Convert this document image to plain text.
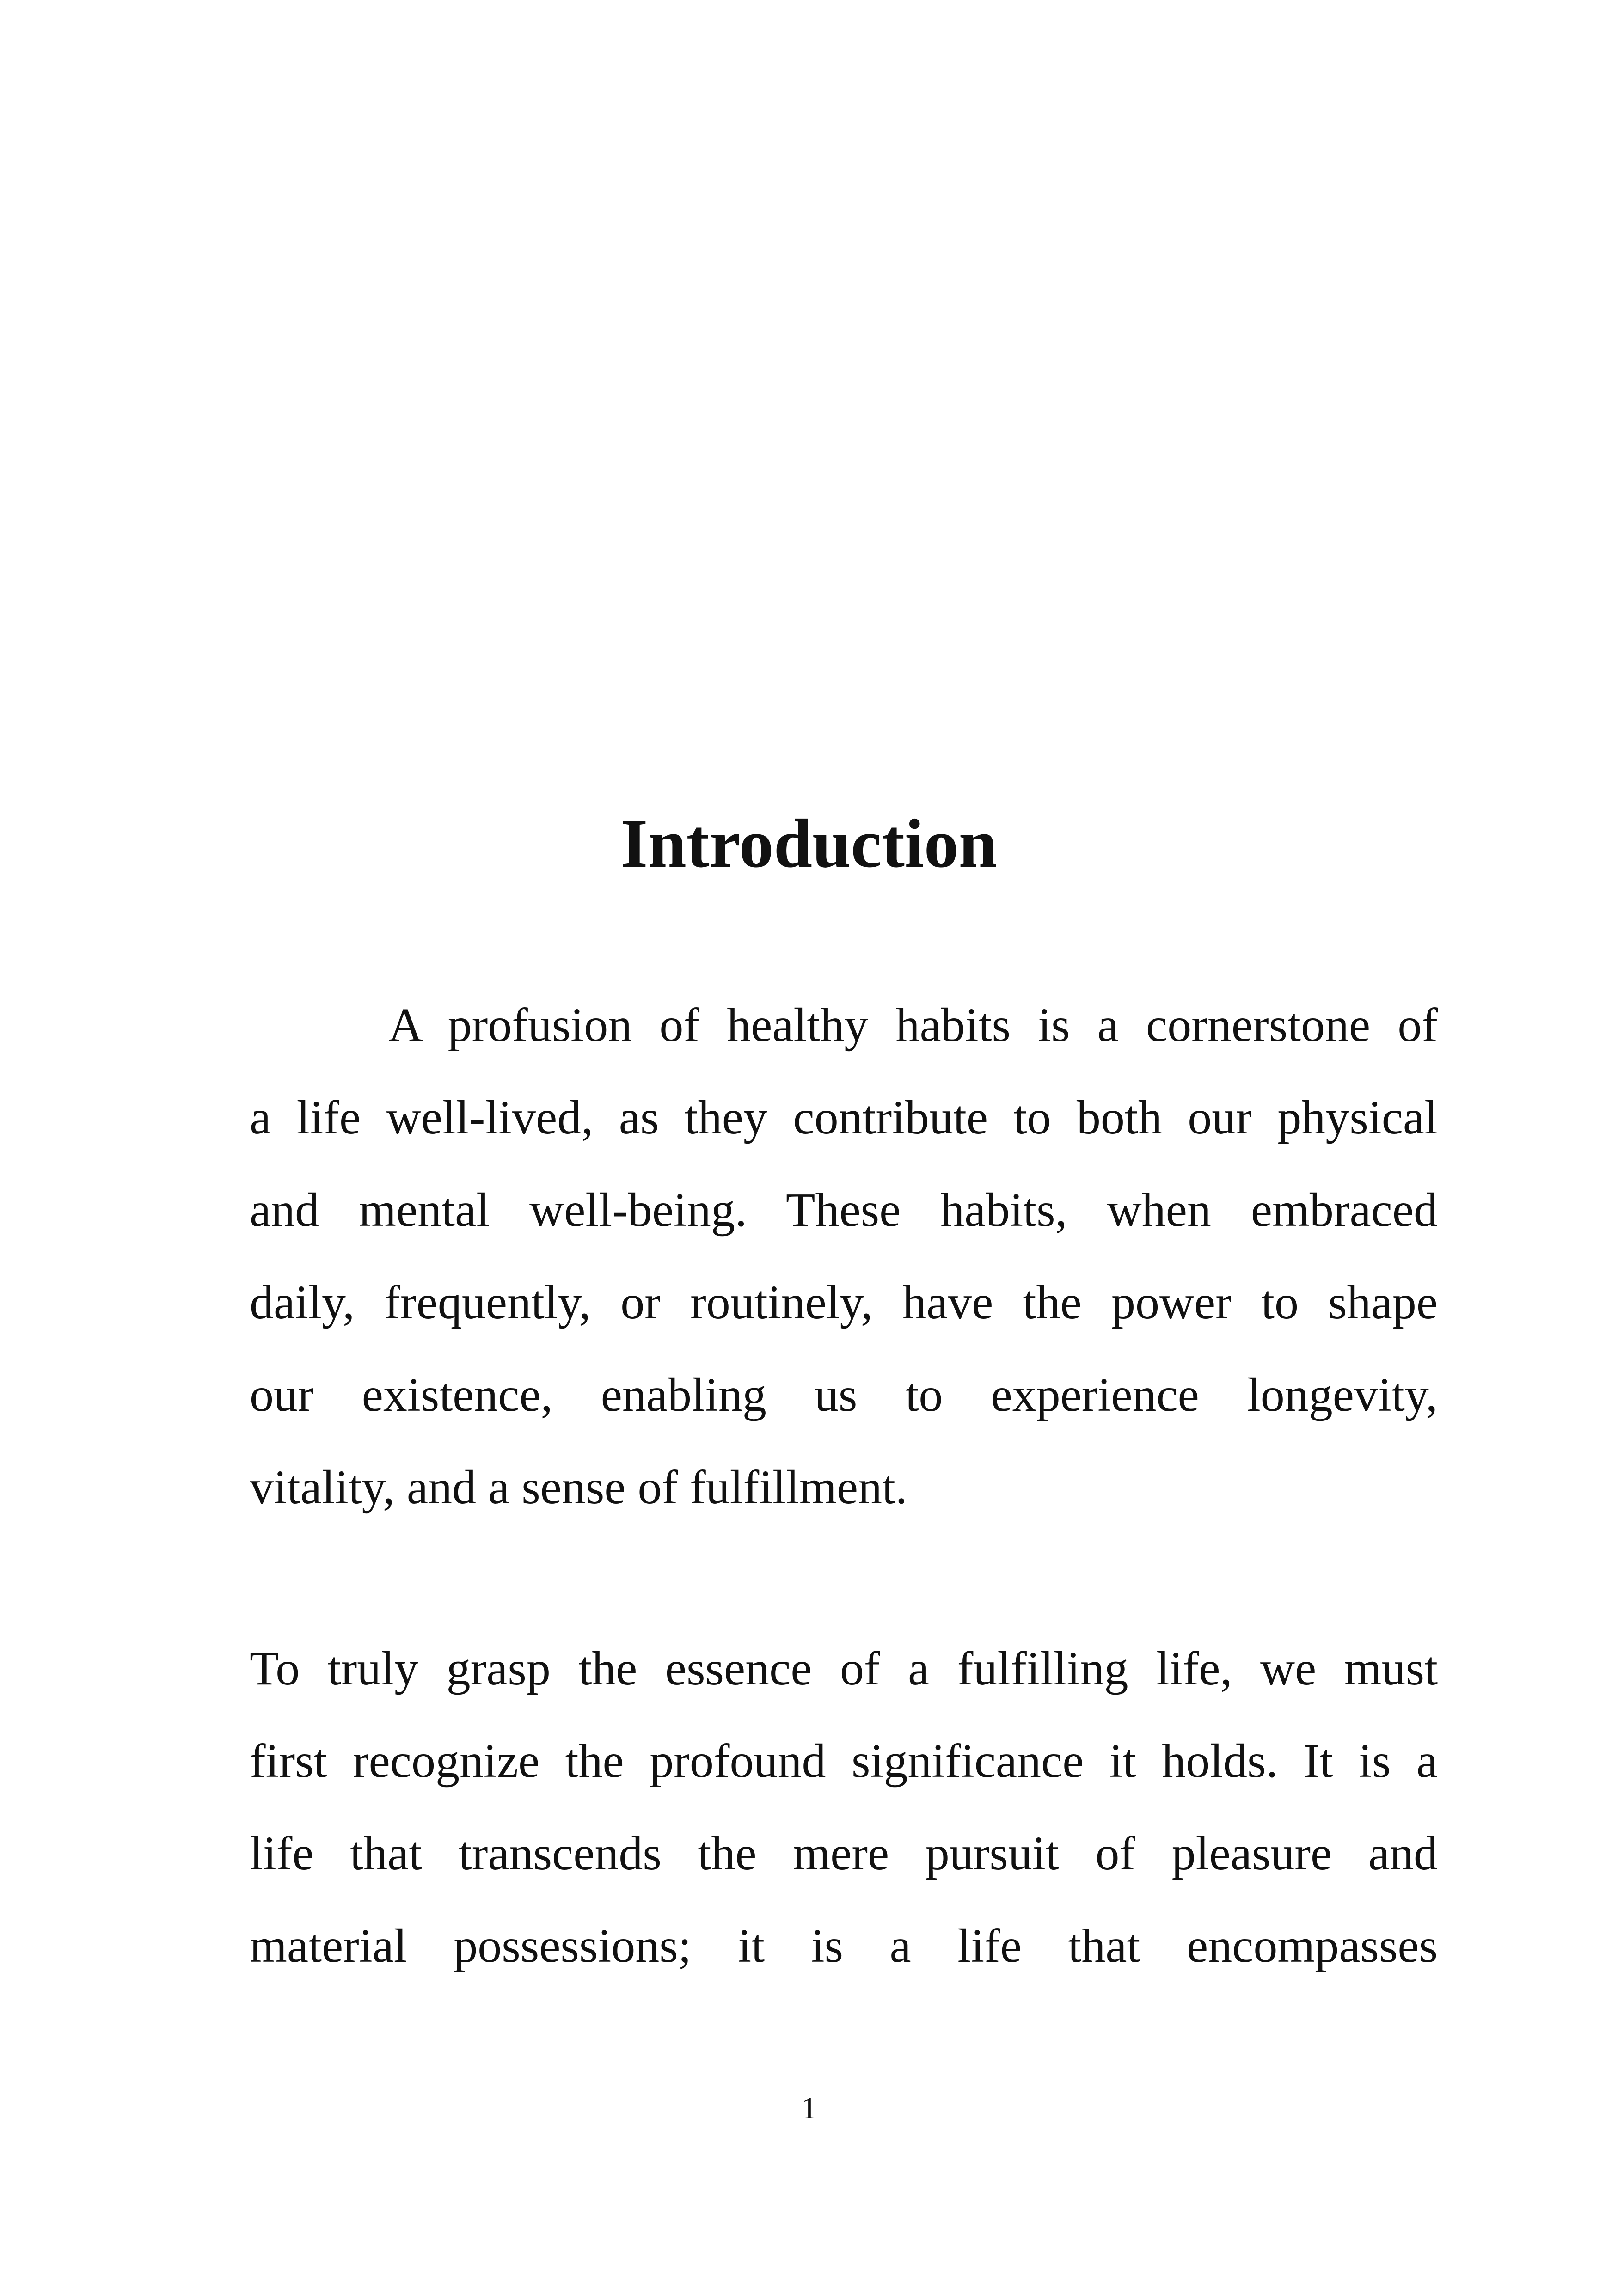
Introduction
A profusion of healthy habits is a cornerstone of
a life well-lived, as they contribute to both our physical
and mental well-being. These habits, when embraced
daily, frequently, or routinely, have the power to shape
our existence, enabling us to experience longevity,
vitality, and a sense of fulfillment.
To truly grasp the essence of a fulfilling life, we must
first recognize the profound significance it holds. It is a
life that transcends the mere pursuit of pleasure and
material possessions; it is a life that encompasses

1
